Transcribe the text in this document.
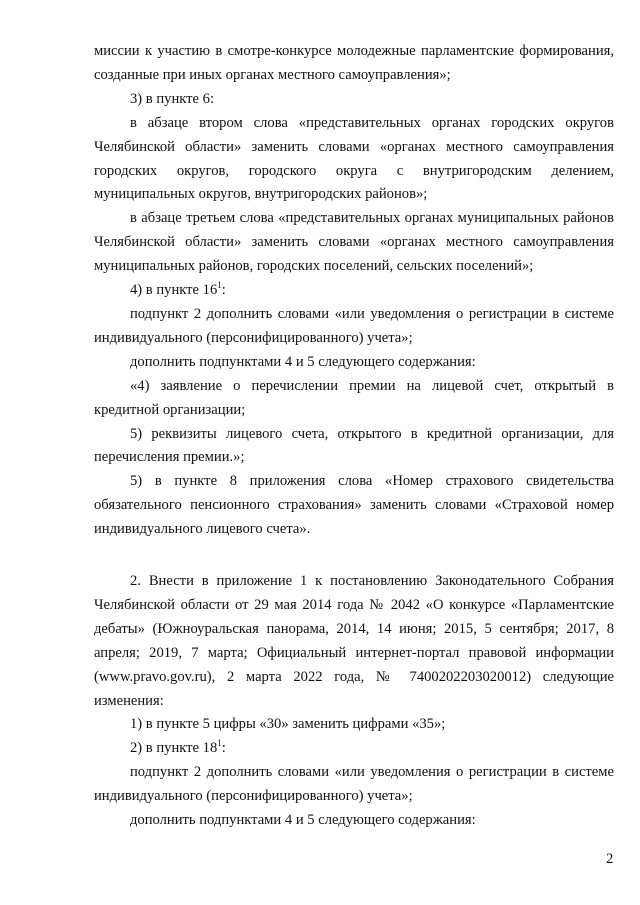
миссии к участию в смотре-конкурсе молодежные парламентские формирования, созданные при иных органах местного самоуправления»;

3) в пункте 6:

в абзаце втором слова «представительных органах городских округов Челябинской области» заменить словами «органах местного самоуправления городских округов, городского округа с внутригородским делением, муниципальных округов, внутригородских районов»;

в абзаце третьем слова «представительных органах муниципальных районов Челябинской области» заменить словами «органах местного самоуправления муниципальных районов, городских поселений, сельских поселений»;

4) в пункте $16^1$:

подпункт 2 дополнить словами «или уведомления о регистрации в системе индивидуального (персонифицированного) учета»;

дополнить подпунктами 4 и 5 следующего содержания:

«4) заявление о перечислении премии на лицевой счет, открытый в кредитной организации;

5) реквизиты лицевого счета, открытого в кредитной организации, для перечисления премии.»;

5) в пункте 8 приложения слова «Номер страхового свидетельства обязательного пенсионного страхования» заменить словами «Страховой номер индивидуального лицевого счета».

2. Внести в приложение 1 к постановлению Законодательного Собрания Челябинской области от 29 мая 2014 года № 2042 «О конкурсе «Парламентские дебаты» (Южноуральская панорама, 2014, 14 июня; 2015, 5 сентября; 2017, 8 апреля; 2019, 7 марта; Официальный интернет-портал правовой информации (www.pravo.gov.ru), 2 марта 2022 года, № 7400202203020012) следующие изменения:

1) в пункте 5 цифры «30» заменить цифрами «35»;

2) в пункте $18^1$:

подпункт 2 дополнить словами «или уведомления о регистрации в системе индивидуального (персонифицированного) учета»;

дополнить подпунктами 4 и 5 следующего содержания:

2
